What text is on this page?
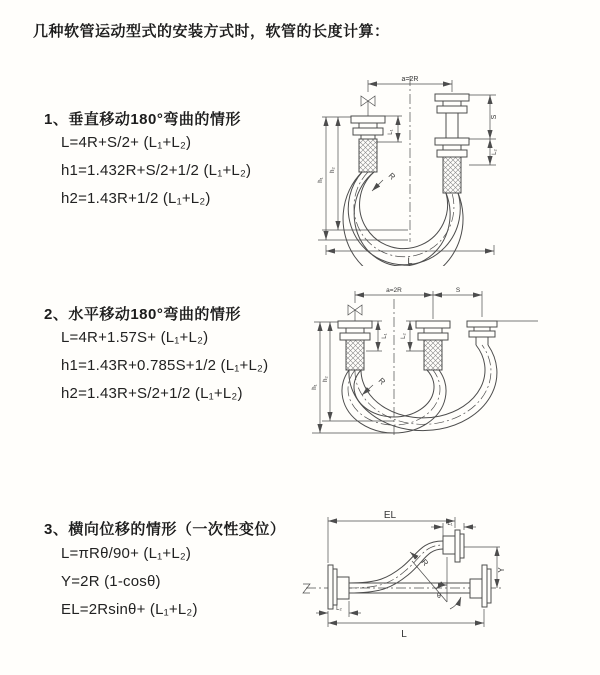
几种软管运动型式的安装方式时，软管的长度计算：
1、垂直移动180°弯曲的情形
L=4R+S/2+ (L₁+L₂)
h1=1.432R+S/2+1/2 (L₁+L₂)
h2=1.43R+1/2 (L₁+L₂)
2、水平移动180°弯曲的情形
L=4R+1.57S+ (L₁+L₂)
h1=1.43R+0.785S+1/2 (L₁+L₂)
h2=1.43R+S/2+1/2 (L₁+L₂)
3、横向位移的情形（一次性变位）
L=πRθ/90+ (L₁+L₂)
Y=2R (1-cosθ)
EL=2Rsinθ+ (L₁+L₂)
a=2R
R
L₁
S
L₂
h₂
h₁
L
a=2R	S
R
L₁ L₂
h₂
h₁
EL
L₁
Y
R
θ
L₂
L
